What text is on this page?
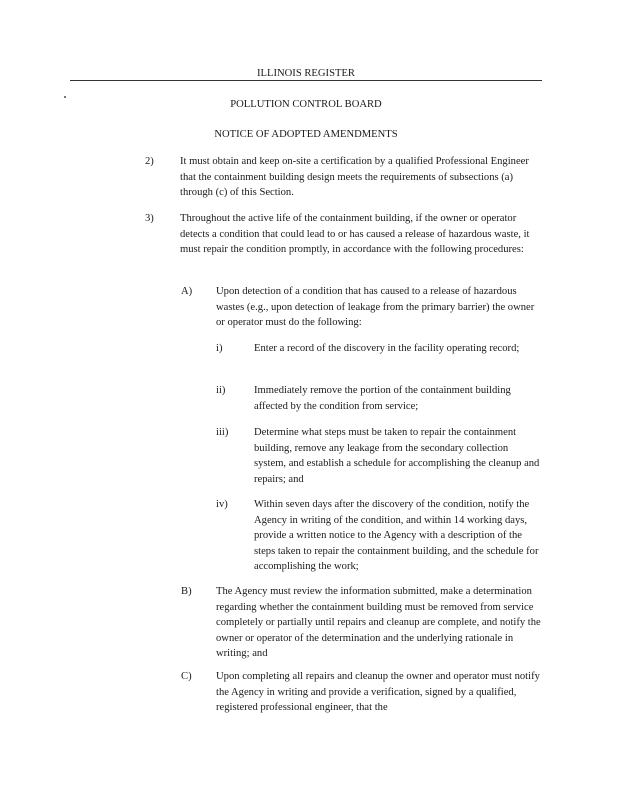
ILLINOIS REGISTER
POLLUTION CONTROL BOARD
NOTICE OF ADOPTED AMENDMENTS
2) It must obtain and keep on-site a certification by a qualified Professional Engineer that the containment building design meets the requirements of subsections (a) through (c) of this Section.
3) Throughout the active life of the containment building, if the owner or operator detects a condition that could lead to or has caused a release of hazardous waste, it must repair the condition promptly, in accordance with the following procedures:
A) Upon detection of a condition that has caused to a release of hazardous wastes (e.g., upon detection of leakage from the primary barrier) the owner or operator must do the following:
i)	Enter a record of the discovery in the facility operating record;
ii)	Immediately remove the portion of the containment building affected by the condition from service;
iii) Determine what steps must be taken to repair the containment building, remove any leakage from the secondary collection system, and establish a schedule for accomplishing the cleanup and repairs; and
iv) Within seven days after the discovery of the condition, notify the Agency in writing of the condition, and within 14 working days, provide a written notice to the Agency with a description of the steps taken to repair the containment building, and the schedule for accomplishing the work;
B) The Agency must review the information submitted, make a determination regarding whether the containment building must be removed from service completely or partially until repairs and cleanup are complete, and notify the owner or operator of the determination and the underlying rationale in writing; and
C) Upon completing all repairs and cleanup the owner and operator must notify the Agency in writing and provide a verification, signed by a qualified, registered professional engineer, that the
